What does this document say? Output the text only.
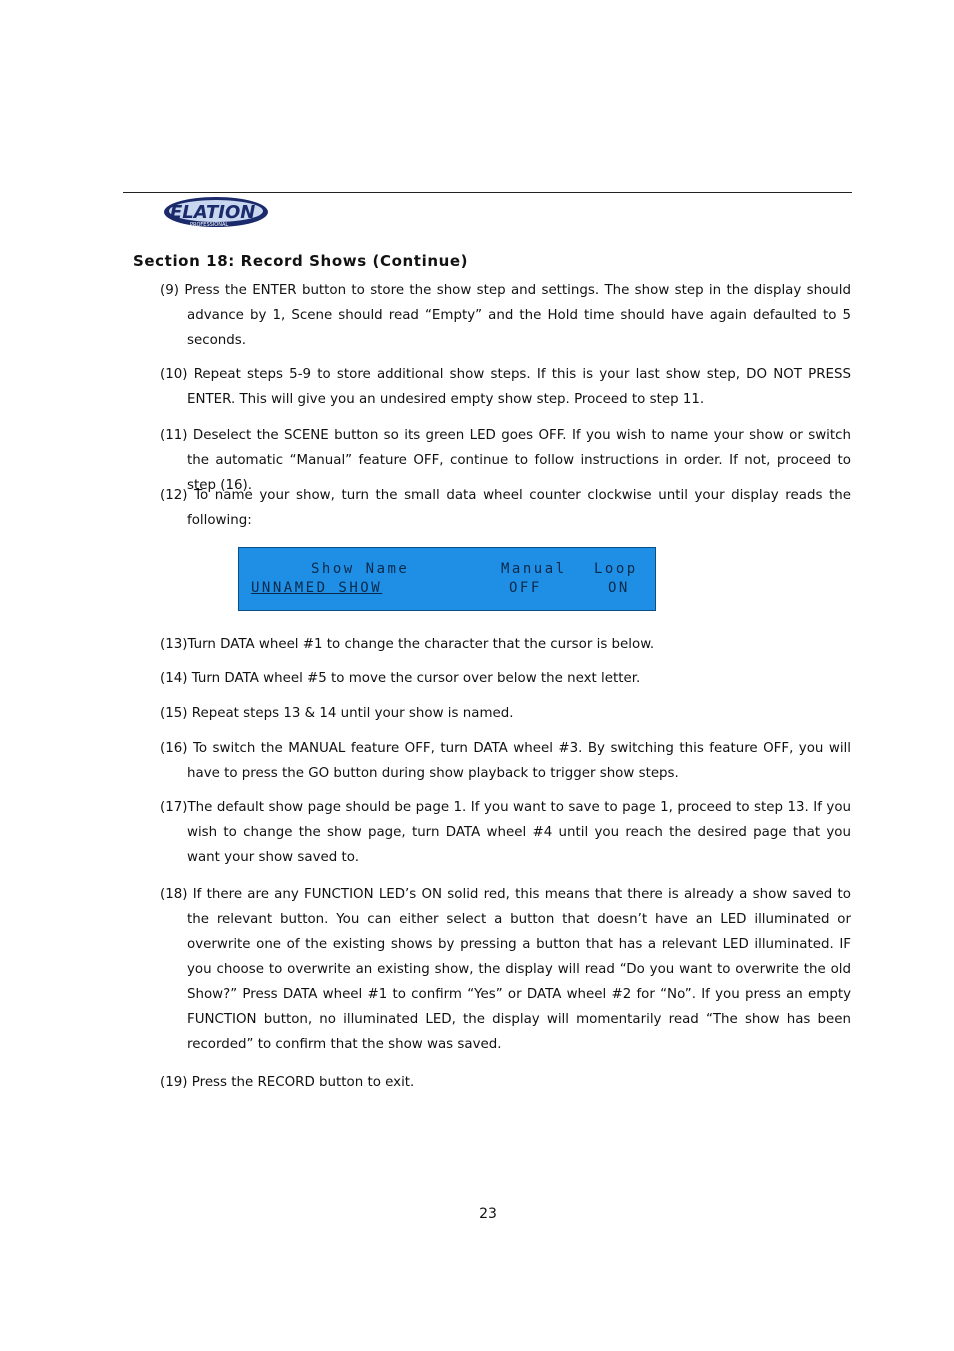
ELATION
PROFESSIONAL
Section 18: Record Shows (Continue)
(9) Press the ENTER button to store the show step and settings. The show step in the display should advance by 1, Scene should read “Empty” and the Hold time should have again defaulted to 5 seconds.
(10) Repeat steps 5-9 to store additional show steps. If this is your last show step, DO NOT PRESS ENTER. This will give you an undesired empty show step. Proceed to step 11.
(11) Deselect the SCENE button so its green LED goes OFF. If you wish to name your show or switch the automatic “Manual” feature OFF, continue to follow instructions in order. If not, proceed to step (16).
(12) To name your show, turn the small data wheel counter clockwise until your display reads the following:
Show Name	Manual Loop
UNNAMED SHOW	OFF	ON
(13)Turn DATA wheel #1 to change the character that the cursor is below.
(14) Turn DATA wheel #5 to move the cursor over below the next letter.
(15) Repeat steps 13 & 14 until your show is named.
(16) To switch the MANUAL feature OFF, turn DATA wheel #3. By switching this feature OFF, you will have to press the GO button during show playback to trigger show steps.
(17)The default show page should be page 1. If you want to save to page 1, proceed to step 13. If you wish to change the show page, turn DATA wheel #4 until you reach the desired page that you want your show saved to.
(18) If there are any FUNCTION LED’s ON solid red, this means that there is already a show saved to the relevant button. You can either select a button that doesn’t have an LED illuminated or overwrite one of the existing shows by pressing a button that has a relevant LED illuminated. IF you choose to overwrite an existing show, the display will read “Do you want to overwrite the old Show?” Press DATA wheel #1 to confirm “Yes” or DATA wheel #2 for “No”. If you press an empty FUNCTION button, no illuminated LED, the display will momentarily read “The show has been recorded” to confirm that the show was saved.
(19) Press the RECORD button to exit.
23
